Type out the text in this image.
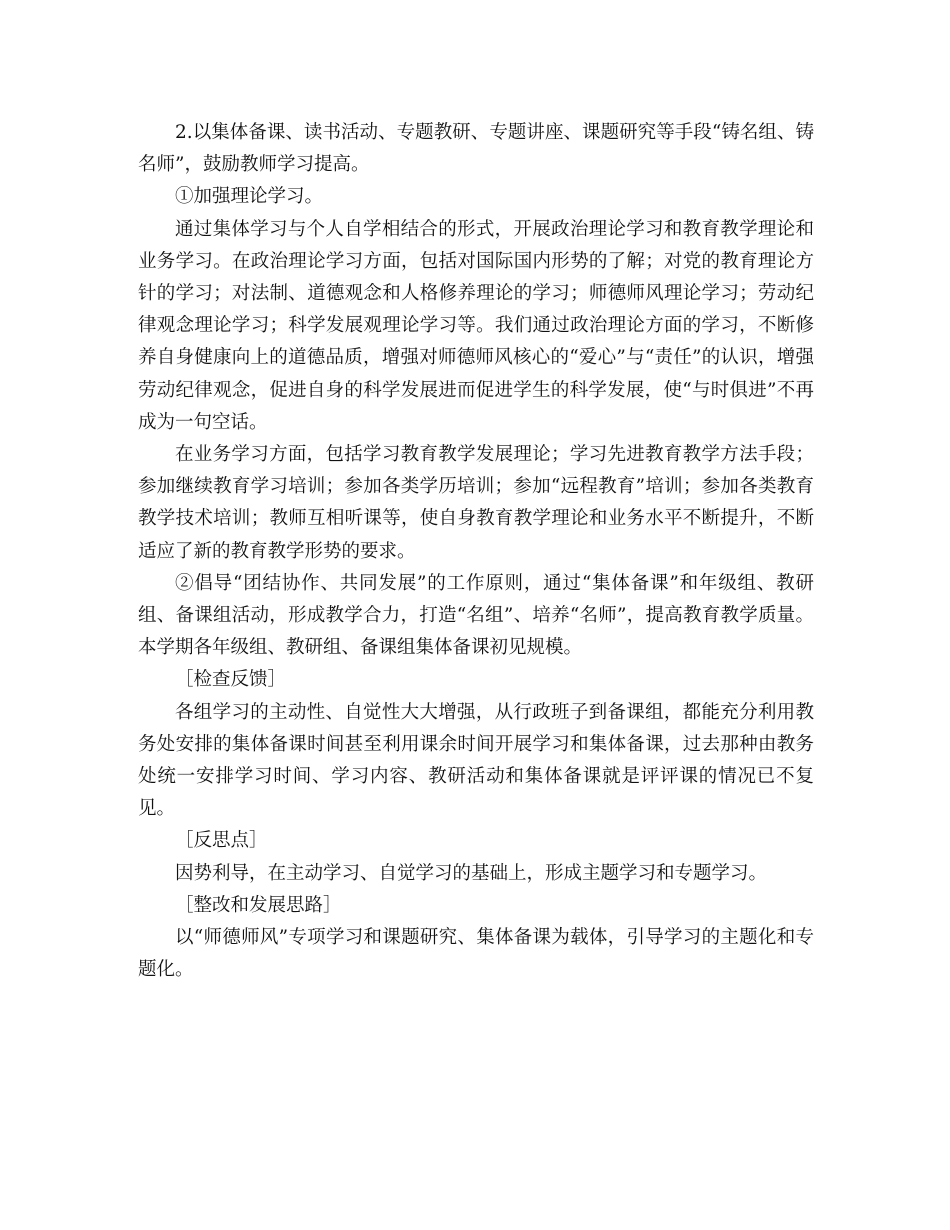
2.以集体备课、读书活动、专题教研、专题讲座、课题研究等手段“铸名组、铸名师”，鼓励教师学习提高。

①加强理论学习。

通过集体学习与个人自学相结合的形式，开展政治理论学习和教育教学理论和业务学习。在政治理论学习方面，包括对国际国内形势的了解；对党的教育理论方针的学习；对法制、道德观念和人格修养理论的学习；师德师风理论学习；劳动纪律观念理论学习；科学发展观理论学习等。我们通过政治理论方面的学习，不断修养自身健康向上的道德品质，增强对师德师风核心的“爱心”与“责任”的认识，增强劳动纪律观念，促进自身的科学发展进而促进学生的科学发展，使“与时俱进”不再成为一句空话。

在业务学习方面，包括学习教育教学发展理论；学习先进教育教学方法手段；参加继续教育学习培训；参加各类学历培训；参加“远程教育”培训；参加各类教育教学技术培训；教师互相听课等，使自身教育教学理论和业务水平不断提升，不断适应了新的教育教学形势的要求。

②倡导“团结协作、共同发展”的工作原则，通过“集体备课”和年级组、教研组、备课组活动，形成教学合力，打造“名组”、培养“名师”，提高教育教学质量。本学期各年级组、教研组、备课组集体备课初见规模。

［检查反馈］

各组学习的主动性、自觉性大大增强，从行政班子到备课组，都能充分利用教务处安排的集体备课时间甚至利用课余时间开展学习和集体备课，过去那种由教务处统一安排学习时间、学习内容、教研活动和集体备课就是评评课的情况已不复见。

［反思点］

因势利导，在主动学习、自觉学习的基础上，形成主题学习和专题学习。

［整改和发展思路］

以“师德师风”专项学习和课题研究、集体备课为载体，引导学习的主题化和专题化。
